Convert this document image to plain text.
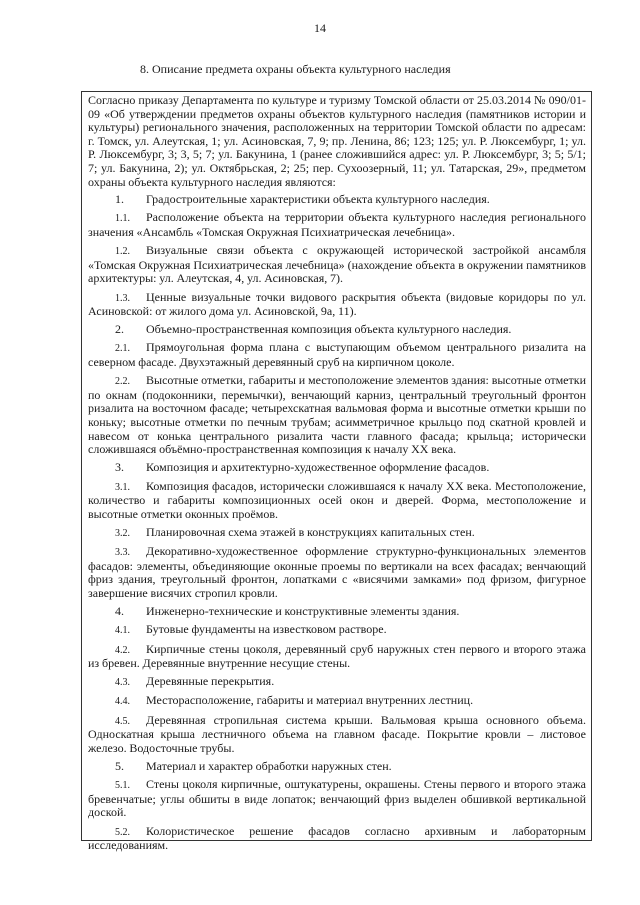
14
8. Описание предмета охраны объекта культурного наследия

Согласно приказу Департамента по культуре и туризму Томской области от 25.03.2014 № 090/01-09 «Об утверждении предметов охраны объектов культурного наследия (памятников истории и культуры) регионального значения, расположенных на территории Томской области по адресам: г. Томск, ул. Алеутская, 1; ул. Асиновская, 7, 9; пр. Ленина, 86; 123; 125; ул. Р. Люксембург, 1; ул. Р. Люксембург, 3; 3, 5; 7; ул. Бакунина, 1 (ранее сложившийся адрес: ул. Р. Люксембург, 3; 5; 5/1; 7; ул. Бакунина, 2); ул. Октябрьская, 2; 25; пер. Сухоозерный, 11; ул. Татарская, 29», предметом охраны объекта культурного наследия являются:

1. Градостроительные характеристики объекта культурного наследия.

1.1. Расположение объекта на территории объекта культурного наследия регионального значения «Ансамбль «Томская Окружная Психиатрическая лечебница».

1.2. Визуальные связи объекта с окружающей исторической застройкой ансамбля «Томская Окружная Психиатрическая лечебница» (нахождение объекта в окружении памятников архитектуры: ул. Алеутская, 4, ул. Асиновская, 7).

1.3. Ценные визуальные точки видового раскрытия объекта (видовые коридоры по ул. Асиновской: от жилого дома ул. Асиновской, 9а, 11).

2. Объемно-пространственная композиция объекта культурного наследия.

2.1. Прямоугольная форма плана с выступающим объемом центрального ризалита на северном фасаде. Двухэтажный деревянный сруб на кирпичном цоколе.

2.2. Высотные отметки, габариты и местоположение элементов здания: высотные отметки по окнам (подоконники, перемычки), венчающий карниз, центральный треугольный фронтон ризалита на восточном фасаде; четырехскатная вальмовая форма и высотные отметки крыши по коньку; высотные отметки по печным трубам; асимметричное крыльцо под скатной кровлей и навесом от конька центрального ризалита части главного фасада; крыльца; исторически сложившаяся объёмно-пространственная композиция к началу XX века.

3. Композиция и архитектурно-художественное оформление фасадов.

3.1. Композиция фасадов, исторически сложившаяся к началу XX века. Местоположение, количество и габариты композиционных осей окон и дверей. Форма, местоположение и высотные отметки оконных проёмов.

3.2. Планировочная схема этажей в конструкциях капитальных стен.

3.3. Декоративно-художественное оформление структурно-функциональных элементов фасадов: элементы, объединяющие оконные проемы по вертикали на всех фасадах; венчающий фриз здания, треугольный фронтон, лопатками с «висячими замками» под фризом, фигурное завершение висячих стропил кровли.

4. Инженерно-технические и конструктивные элементы здания.

4.1. Бутовые фундаменты на известковом растворе.

4.2. Кирпичные стены цоколя, деревянный сруб наружных стен первого и второго этажа из бревен. Деревянные внутренние несущие стены.

4.3. Деревянные перекрытия.

4.4. Месторасположение, габариты и материал внутренних лестниц.

4.5. Деревянная стропильная система крыши. Вальмовая крыша основного объема. Односкатная крыша лестничного объема на главном фасаде. Покрытие кровли – листовое железо. Водосточные трубы.

5. Материал и характер обработки наружных стен.

5.1. Стены цоколя кирпичные, оштукатурены, окрашены. Стены первого и второго этажа бревенчатые; углы обшиты в виде лопаток; венчающий фриз выделен обшивкой вертикальной доской.

5.2. Колористическое решение фасадов согласно архивным и лабораторным исследованиям.
